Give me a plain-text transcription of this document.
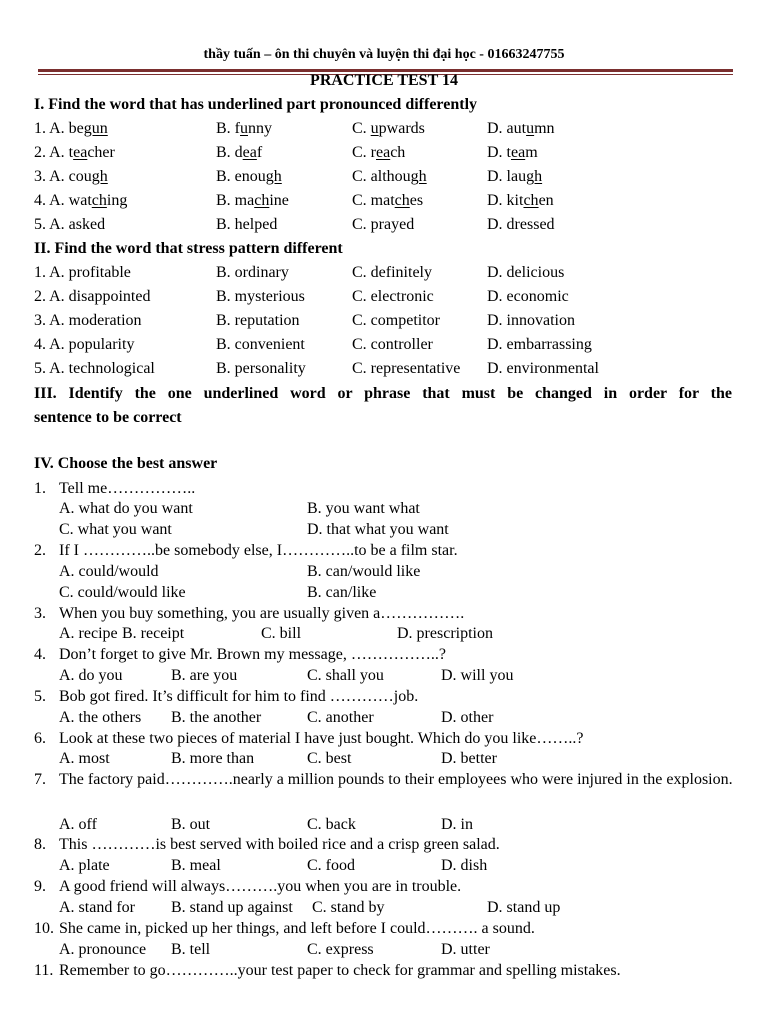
thầy tuấn – ôn thi chuyên và luyện thi đại học - 01663247755
PRACTICE TEST 14
I. Find the word that has underlined part pronounced differently
1. A. begun	B. funny	C. upwards	D. autumn
2. A. teacher	B. deaf	C. reach	D. team
3. A. cough	B. enough	C. although	D. laugh
4. A. watching	B. machine	C. matches	D. kitchen
5. A. asked	B. helped	C. prayed	D. dressed
II. Find the word that stress pattern different
1. A. profitable	B. ordinary	C. definitely	D. delicious
2. A. disappointed	B. mysterious	C. electronic	D. economic
3. A. moderation	B. reputation	C. competitor	D. innovation
4. A. popularity	B. convenient	C. controller	D. embarrassing
5. A. technological	B. personality	C. representative D. environmental
III. Identify the one underlined word or phrase that must be changed in order for the
sentence to be correct
IV. Choose the best answer
1. Tell me……………..
A. what do you want	B. you want what
C. what you want	D. that what you want
2. If I …………..be somebody else, I…………..to be a film star.
A. could/would	B. can/would like
C. could/would like	B. can/like
3. When you buy something, you are usually given a…………….
A. recipe B. receipt	C. bill	D. prescription
4. Don’t forget to give Mr. Brown my message, ……………..?
A. do you	B. are you	C. shall you	D. will you
5. Bob got fired. It’s difficult for him to find …………job.
A. the others B. the another	C. another	D. other
6. Look at these two pieces of material I have just bought. Which do you like……..?
A. most	B. more than	C. best	D. better
7. The factory paid………….nearly a million pounds to their employees who were injured in the explosion.
A. off	B. out	C. back	D. in
8. This …………is best served with boiled rice and a crisp green salad.
A. plate	B. meal	C. food	D. dish
9. A good friend will always……….you when you are in trouble.
A. stand for B. stand up against C. stand by	D. stand up
10. She came in, picked up her things, and left before I could………. a sound.
A. pronounce B. tell	C. express	D. utter
11. Remember to go…………..your test paper to check for grammar and spelling mistakes.
